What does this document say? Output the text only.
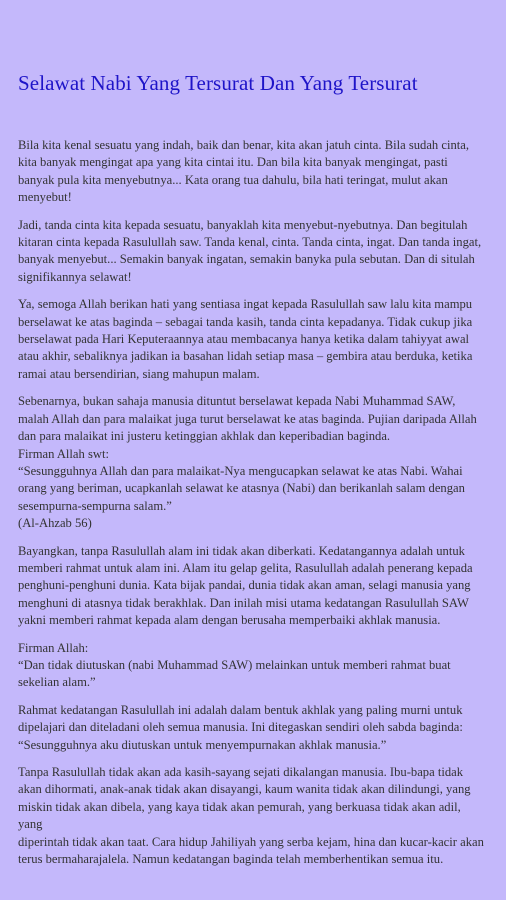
Selawat Nabi Yang Tersurat Dan Yang Tersurat

Bila kita kenal sesuatu yang indah, baik dan benar, kita akan jatuh cinta. Bila sudah cinta,
kita banyak mengingat apa yang kita cintai itu. Dan bila kita banyak mengingat, pasti
banyak pula kita menyebutnya... Kata orang tua dahulu, bila hati teringat, mulut akan
menyebut!

Jadi, tanda cinta kita kepada sesuatu, banyaklah kita menyebut-nyebutnya. Dan begitulah
kitaran cinta kepada Rasulullah saw. Tanda kenal, cinta. Tanda cinta, ingat. Dan tanda ingat,
banyak menyebut... Semakin banyak ingatan, semakin banyka pula sebutan. Dan di situlah
signifikannya selawat!

Ya, semoga Allah berikan hati yang sentiasa ingat kepada Rasulullah saw lalu kita mampu
berselawat ke atas baginda – sebagai tanda kasih, tanda cinta kepadanya. Tidak cukup jika
berselawat pada Hari Keputeraannya atau membacanya hanya ketika dalam tahiyyat awal
atau akhir, sebaliknya jadikan ia basahan lidah setiap masa – gembira atau berduka, ketika
ramai atau bersendirian, siang mahupun malam.

Sebenarnya, bukan sahaja manusia dituntut berselawat kepada Nabi Muhammad SAW,
malah Allah dan para malaikat juga turut berselawat ke atas baginda. Pujian daripada Allah
dan para malaikat ini justeru ketinggian akhlak dan keperibadian baginda.
Firman Allah swt:
“Sesungguhnya Allah dan para malaikat-Nya mengucapkan selawat ke atas Nabi. Wahai
orang yang beriman, ucapkanlah selawat ke atasnya (Nabi) dan berikanlah salam dengan
sesempurna-sempurna salam.”
(Al-Ahzab 56)

Bayangkan, tanpa Rasulullah alam ini tidak akan diberkati. Kedatangannya adalah untuk
memberi rahmat untuk alam ini. Alam itu gelap gelita, Rasulullah adalah penerang kepada
penghuni-penghuni dunia. Kata bijak pandai, dunia tidak akan aman, selagi manusia yang
menghuni di atasnya tidak berakhlak. Dan inilah misi utama kedatangan Rasulullah SAW
yakni memberi rahmat kepada alam dengan berusaha memperbaiki akhlak manusia.

Firman Allah:
“Dan tidak diutuskan (nabi Muhammad SAW) melainkan untuk memberi rahmat buat
sekelian alam.”

Rahmat kedatangan Rasulullah ini adalah dalam bentuk akhlak yang paling murni untuk
dipelajari dan diteladani oleh semua manusia. Ini ditegaskan sendiri oleh sabda baginda:
“Sesungguhnya aku diutuskan untuk menyempurnakan akhlak manusia.”

Tanpa Rasulullah tidak akan ada kasih-sayang sejati dikalangan manusia. Ibu-bapa tidak
akan dihormati, anak-anak tidak akan disayangi, kaum wanita tidak akan dilindungi, yang
miskin tidak akan dibela, yang kaya tidak akan pemurah, yang berkuasa tidak akan adil, yang
diperintah tidak akan taat. Cara hidup Jahiliyah yang serba kejam, hina dan kucar-kacir akan
terus bermaharajalela. Namun kedatangan baginda telah memberhentikan semua itu.
